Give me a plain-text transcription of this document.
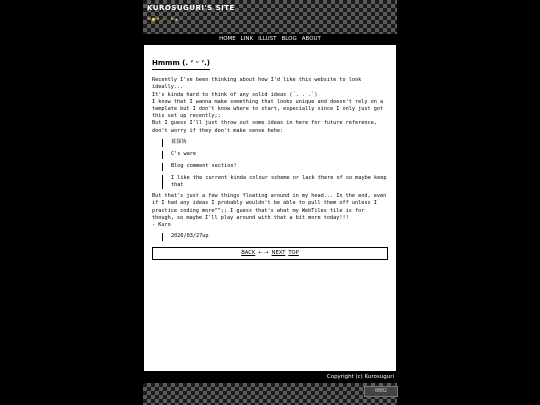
KUROSUGURI'S SITE
•●•☆ •★
HOME LINK ILLUST BLOG ABOUT
Hmmm (. ‘ ᵕ ‘.)
Recently I've been thinking about how I'd like this website to look ideally...
It's kinda hard to think of any solid ideas (´. . .`)
I know that I wanna make something that looks unique and doesn't rely on a template but I don't know where to start, especially since I only just got this set up recently;;
But I guess I'll just throw out some ideas in here for future reference, don't worry if they don't make sense hehe:
暮探妫
C's ware
Blog comment section!
I like the current kinda colour scheme or lack there of so maybe keep that
But that's just a few things floating around in my head... In the end, even if I had any ideas I probably wouldn't be able to pull them off unless I practice coding more^^;; I guess that's what my WebTiles tile is for though, so maybe I'll play around with that a bit more today!!!
- Kuro
2026/03/27up
BACK ← → NEXT TOP
Copyright (c) Kurosuguri
0002
